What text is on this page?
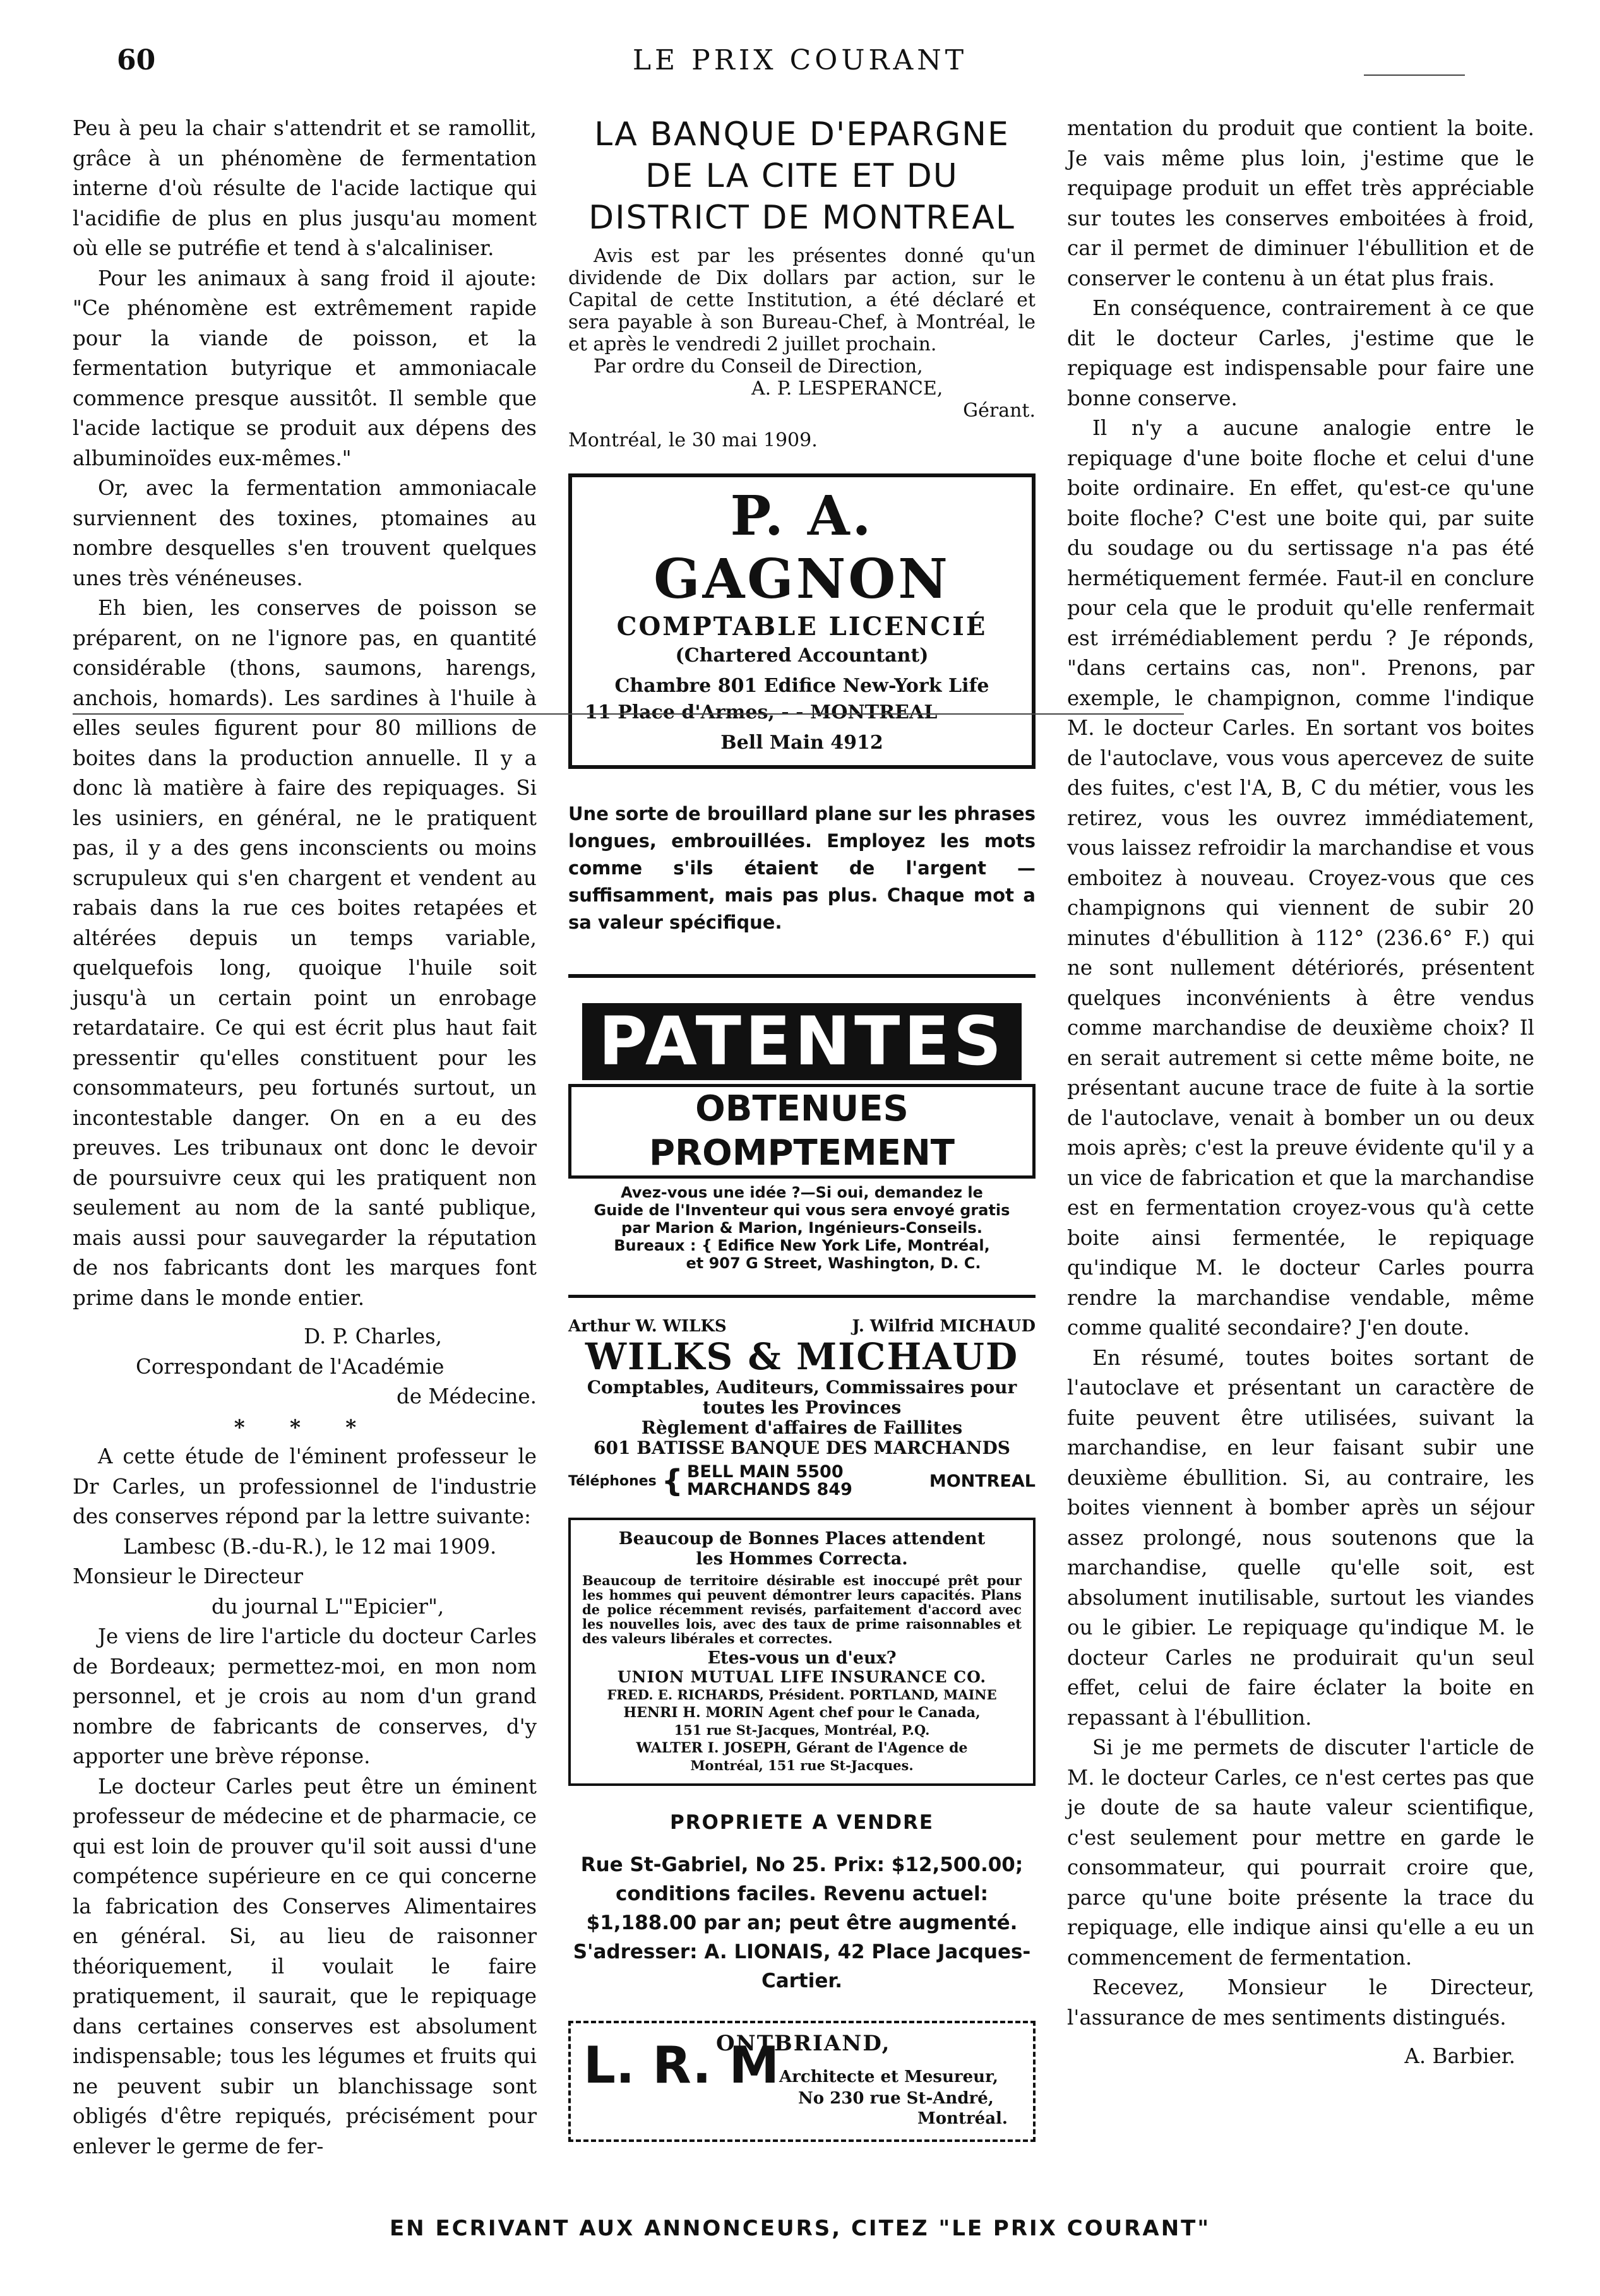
60	LE PRIX COURANT

Peu à peu la chair s'attendrit et se ramollit, grâce à un phénomène de fermentation interne d'où résulte de l'acide lactique qui l'acidifie de plus en plus jusqu'au moment où elle se putréfie et tend à s'alcaliniser.

Pour les animaux à sang froid il ajoute: "Ce phénomène est extrêmement rapide pour la viande de poisson, et la fermentation butyrique et ammoniacale commence presque aussitôt. Il semble que l'acide lactique se produit aux dépens des albuminoïdes eux-mêmes."

Or, avec la fermentation ammoniacale surviennent des toxines, ptomaines au nombre desquelles s'en trouvent quelques unes très vénéneuses.

Eh bien, les conserves de poisson se préparent, on ne l'ignore pas, en quantité considérable (thons, saumons, harengs, anchois, homards). Les sardines à l'huile à elles seules figurent pour 80 millions de boites dans la production annuelle. Il y a donc là matière à faire des repiquages. Si les usiniers, en général, ne le pratiquent pas, il y a des gens inconscients ou moins scrupuleux qui s'en chargent et vendent au rabais dans la rue ces boites retapées et altérées depuis un temps variable, quelquefois long, quoique l'huile soit jusqu'à un certain point un enrobage retardataire. Ce qui est écrit plus haut fait pressentir qu'elles constituent pour les consommateurs, peu fortunés surtout, un incontestable danger. On en a eu des preuves. Les tribunaux ont donc le devoir de poursuivre ceux qui les pratiquent non seulement au nom de la santé publique, mais aussi pour sauvegarder la réputation de nos fabricants dont les marques font prime dans le monde entier.

D. P. Charles,

Correspondant de l'Académie

de Médecine.

* * *

A cette étude de l'éminent professeur le Dr Carles, un professionnel de l'industrie des conserves répond par la lettre suivante:

Lambesc (B.-du-R.), le 12 mai 1909.

Monsieur le Directeur

du journal L'"Epicier",

Je viens de lire l'article du docteur Carles de Bordeaux; permettez-moi, en mon nom personnel, et je crois au nom d'un grand nombre de fabricants de conserves, d'y apporter une brève réponse.

Le docteur Carles peut être un éminent professeur de médecine et de pharmacie, ce qui est loin de prouver qu'il soit aussi d'une compétence supérieure en ce qui concerne la fabrication des Conserves Alimentaires en général. Si, au lieu de raisonner théoriquement, il voulait le faire pratiquement, il saurait, que le repiquage dans certaines conserves est absolument indispensable; tous les légumes et fruits qui ne peuvent subir un blanchissage sont obligés d'être repiqués, précisément pour enlever le germe de fer-

LA BANQUE D'EPARGNE
DE LA CITE ET DU
DISTRICT DE MONTREAL

Avis est par les présentes donné qu'un dividende de Dix dollars par action, sur le Capital de cette Institution, a été déclaré et sera payable à son Bureau-Chef, à Montréal, le et après le vendredi 2 juillet prochain.

Par ordre du Conseil de Direction,

A. P. LESPERANCE,

Gérant.

Montréal, le 30 mai 1909.

P. A. GAGNON
COMPTABLE LICENCIÉ
(Chartered Accountant)
Chambre 801 Edifice New-York Life
11 Place d'Armes, - - MONTREAL
Bell Main 4912
Une sorte de brouillard plane sur les phrases longues, embrouillées. Employez les mots comme s'ils étaient de l'argent —suffisamment, mais pas plus. Chaque mot a sa valeur spécifique.
PATENTES
OBTENUES PROMPTEMENT
Avez-vous une idée ?—Si oui, demandez le
Guide de l'Inventeur qui vous sera envoyé gratis
par Marion & Marion, Ingénieurs-Conseils.
Bureaux : { Edifice New York Life, Montréal,
et 907 G Street, Washington, D. C.
Arthur W. WILKS	J. Wilfrid MICHAUD
WILKS & MICHAUD
Comptables, Auditeurs, Commissaires pour
toutes les Provinces
Règlement d'affaires de Faillites
601 BATISSE BANQUE DES MARCHANDS
Téléphones { BELL MAIN 5500
MARCHANDS 849	MONTREAL
Beaucoup de Bonnes Places attendent
les Hommes Correcta.
Beaucoup de territoire désirable est inoccupé prêt pour les hommes qui peuvent démontrer leurs capacités. Plans de police récemment revisés, parfaitement d'accord avec les nouvelles lois, avec des taux de prime raisonnables et des valeurs libérales et correctes.
Etes-vous un d'eux?
UNION MUTUAL LIFE INSURANCE CO.
FRED. E. RICHARDS, Président. PORTLAND, MAINE
HENRI H. MORIN Agent chef pour le Canada,
151 rue St-Jacques, Montréal, P.Q.
WALTER I. JOSEPH, Gérant de l'Agence de
Montréal, 151 rue St-Jacques.
PROPRIETE A VENDRE
Rue St-Gabriel, No 25. Prix: $12,500.00; conditions faciles. Revenu actuel: $1,188.00 par an; peut être augmenté. S'adresser: A. LIONAIS, 42 Place Jacques-Cartier.
L. R. M
ONTBRIAND,
Architecte et Mesureur,
No 230 rue St-André,
Montréal.

mentation du produit que contient la boite. Je vais même plus loin, j'estime que le requipage produit un effet très appréciable sur toutes les conserves emboitées à froid, car il permet de diminuer l'ébullition et de conserver le contenu à un état plus frais.

En conséquence, contrairement à ce que dit le docteur Carles, j'estime que le repiquage est indispensable pour faire une bonne conserve.

Il n'y a aucune analogie entre le repiquage d'une boite floche et celui d'une boite ordinaire. En effet, qu'est-ce qu'une boite floche? C'est une boite qui, par suite du soudage ou du sertissage n'a pas été hermétiquement fermée. Faut-il en conclure pour cela que le produit qu'elle renfermait est irrémédiablement perdu ? Je réponds, "dans certains cas, non". Prenons, par exemple, le champignon, comme l'indique M. le docteur Carles. En sortant vos boites de l'autoclave, vous vous apercevez de suite des fuites, c'est l'A, B, C du métier, vous les retirez, vous les ouvrez immédiatement, vous laissez refroidir la marchandise et vous emboitez à nouveau. Croyez-vous que ces champignons qui viennent de subir 20 minutes d'ébullition à 112° (236.6° F.) qui ne sont nullement détériorés, présentent quelques inconvénients à être vendus comme marchandise de deuxième choix? Il en serait autrement si cette même boite, ne présentant aucune trace de fuite à la sortie de l'autoclave, venait à bomber un ou deux mois après; c'est la preuve évidente qu'il y a un vice de fabrication et que la marchandise est en fermentation croyez-vous qu'à cette boite ainsi fermentée, le repiquage qu'indique M. le docteur Carles pourra rendre la marchandise vendable, même comme qualité secondaire? J'en doute.

En résumé, toutes boites sortant de l'autoclave et présentant un caractère de fuite peuvent être utilisées, suivant la marchandise, en leur faisant subir une deuxième ébullition. Si, au contraire, les boites viennent à bomber après un séjour assez prolongé, nous soutenons que la marchandise, quelle qu'elle soit, est absolument inutilisable, surtout les viandes ou le gibier. Le repiquage qu'indique M. le docteur Carles ne produirait qu'un seul effet, celui de faire éclater la boite en repassant à l'ébullition.

Si je me permets de discuter l'article de M. le docteur Carles, ce n'est certes pas que je doute de sa haute valeur scientifique, c'est seulement pour mettre en garde le consommateur, qui pourrait croire que, parce qu'une boite présente la trace du repiquage, elle indique ainsi qu'elle a eu un commencement de fermentation.

Recevez, Monsieur le Directeur, l'assurance de mes sentiments distingués.

A. Barbier.

EN ECRIVANT AUX ANNONCEURS, CITEZ "LE PRIX COURANT"
